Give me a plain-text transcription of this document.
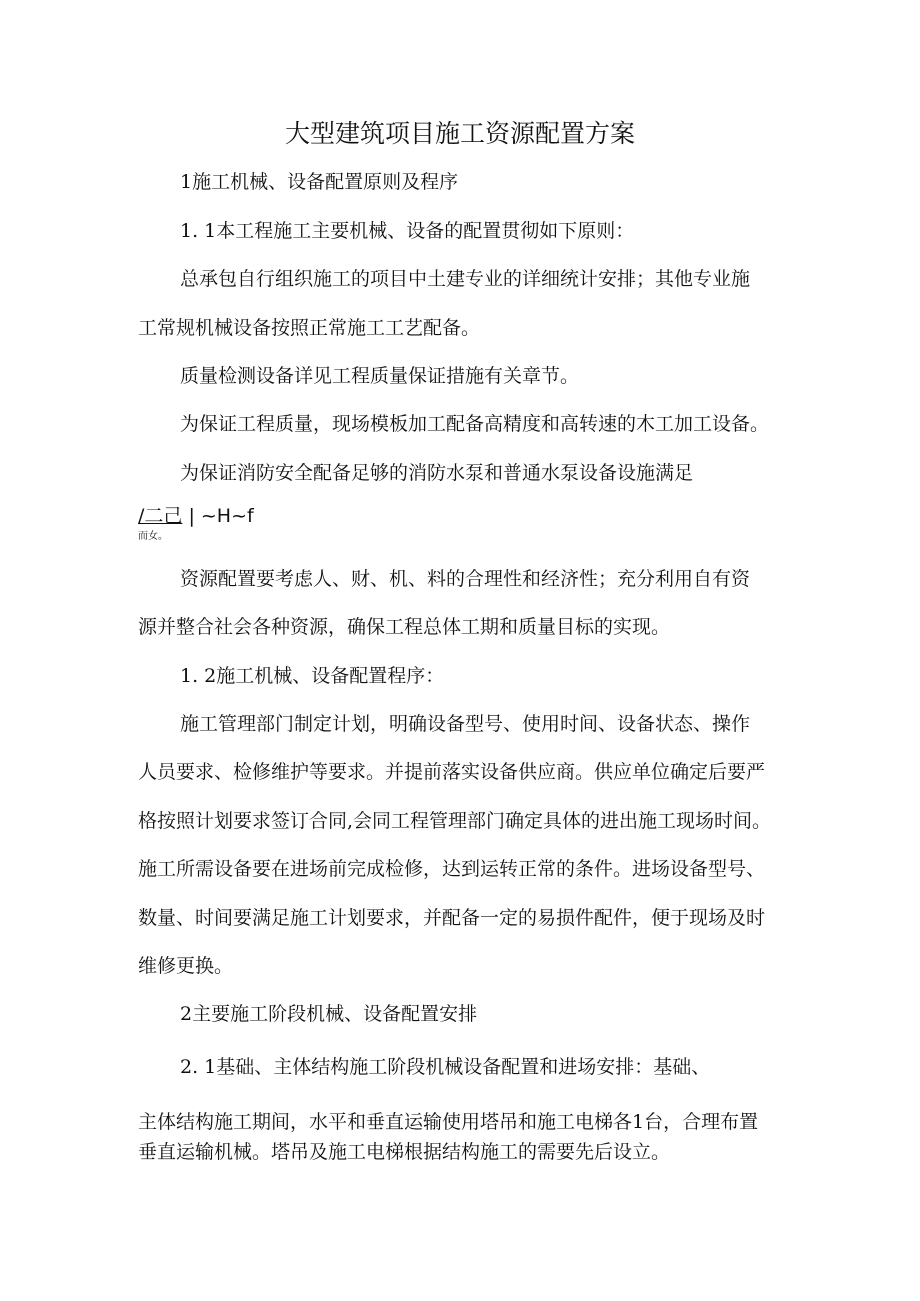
大型建筑项目施工资源配置方案
1施工机械、设备配置原则及程序
1. 1本工程施工主要机械、设备的配置贯彻如下原则：
总承包自行组织施工的项目中土建专业的详细统计安排；其他专业施
工常规机械设备按照正常施工工艺配备。
质量检测设备详见工程质量保证措施有关章节。
为保证工程质量，现场模板加工配备高精度和高转速的木工加工设备。
为保证消防安全配备足够的消防水泵和普通水泵设备设施满足
/二己 | ~H~f
而女。
资源配置要考虑人、财、机、料的合理性和经济性；充分利用自有资
源并整合社会各种资源，确保工程总体工期和质量目标的实现。
1. 2施工机械、设备配置程序：
施工管理部门制定计划，明确设备型号、使用时间、设备状态、操作
人员要求、检修维护等要求。并提前落实设备供应商。供应单位确定后要严
格按照计划要求签订合同,会同工程管理部门确定具体的进出施工现场时间。
施工所需设备要在进场前完成检修，达到运转正常的条件。进场设备型号、
数量、时间要满足施工计划要求，并配备一定的易损件配件，便于现场及时
维修更换。
2主要施工阶段机械、设备配置安排
2. 1基础、主体结构施工阶段机械设备配置和进场安排：基础、
主体结构施工期间，水平和垂直运输使用塔吊和施工电梯各1台，合理布置
垂直运输机械。塔吊及施工电梯根据结构施工的需要先后设立。
